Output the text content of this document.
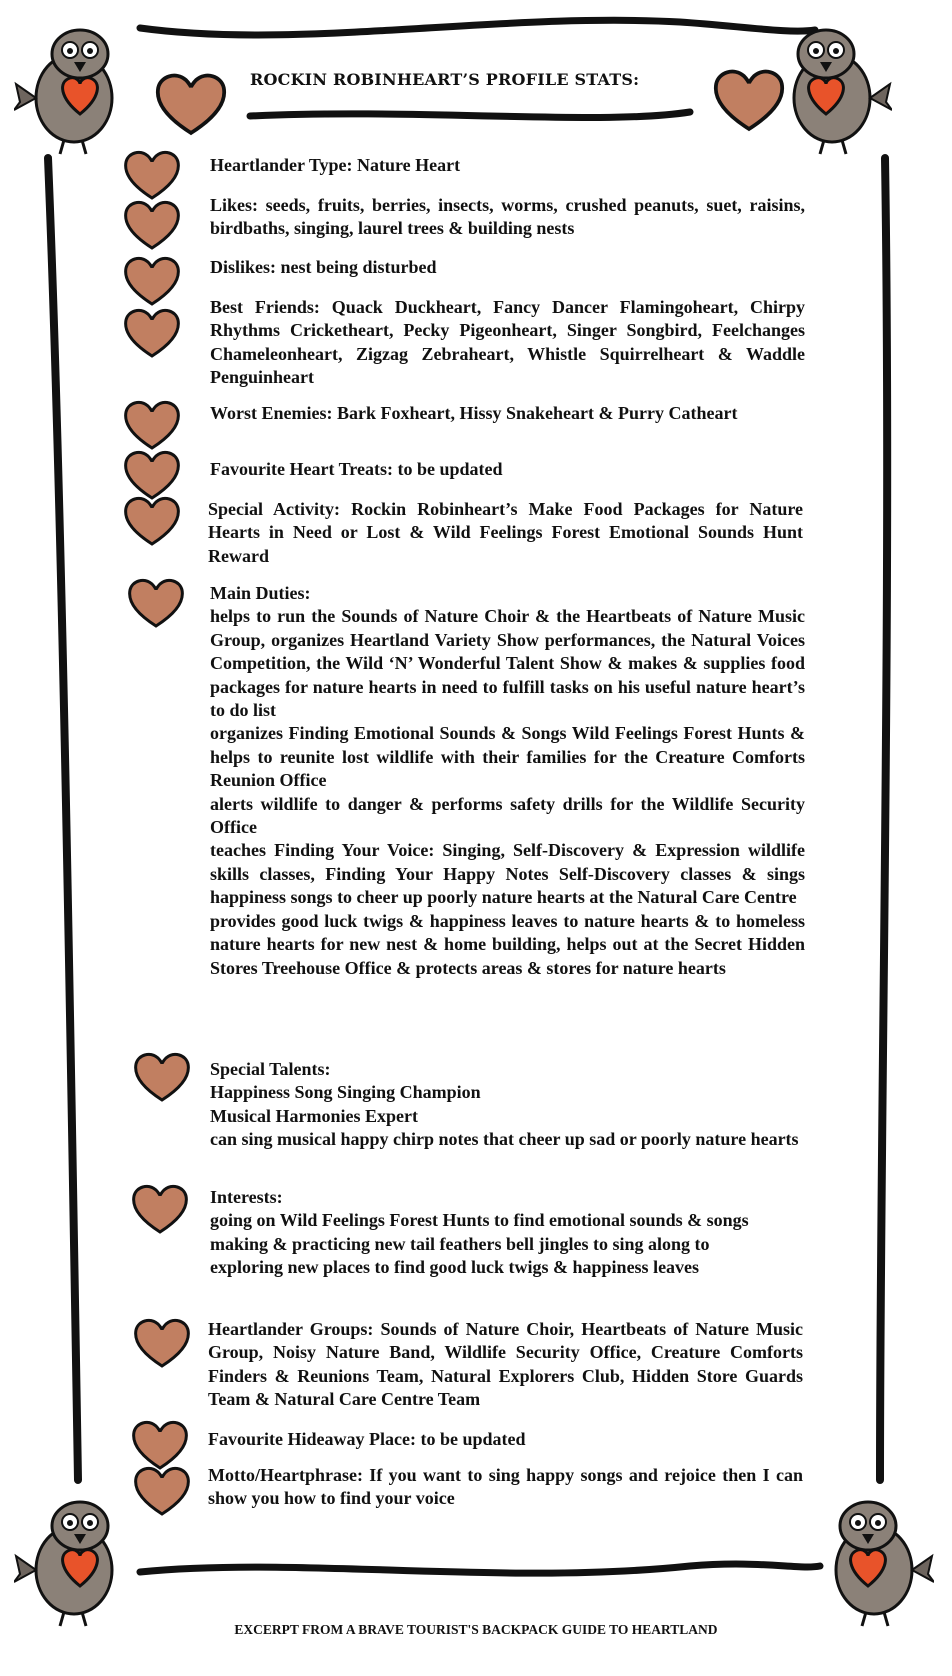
ROCKIN ROBINHEART’S PROFILE STATS:
Heartlander Type: Nature Heart
Likes: seeds, fruits, berries, insects, worms, crushed peanuts, suet, raisins, birdbaths, singing, laurel trees & building nests
Dislikes: nest being disturbed
Best Friends: Quack Duckheart, Fancy Dancer Flamingoheart, Chirpy Rhythms Cricketheart, Pecky Pigeonheart, Singer Songbird, Feelchanges Chameleonheart, Zigzag Zebraheart, Whistle Squirrelheart & Waddle Penguinheart
Worst Enemies: Bark Foxheart, Hissy Snakeheart & Purry Catheart
Favourite Heart Treats: to be updated
Special Activity: Rockin Robinheart’s Make Food Packages for Nature Hearts in Need or Lost & Wild Feelings Forest Emotional Sounds Hunt Reward
Main Duties:
helps to run the Sounds of Nature Choir & the Heartbeats of Nature Music Group, organizes Heartland Variety Show performances, the Natural Voices Competition, the Wild ‘N’ Wonderful Talent Show & makes & supplies food packages for nature hearts in need to fulfill tasks on his useful nature heart’s to do list
organizes Finding Emotional Sounds & Songs Wild Feelings Forest Hunts & helps to reunite lost wildlife with their families for the Creature Comforts Reunion Office
alerts wildlife to danger & performs safety drills for the Wildlife Security Office
teaches Finding Your Voice: Singing, Self-Discovery & Expression wildlife skills classes, Finding Your Happy Notes Self-Discovery classes & sings happiness songs to cheer up poorly nature hearts at the Natural Care Centre
provides good luck twigs & happiness leaves to nature hearts & to homeless nature hearts for new nest & home building, helps out at the Secret Hidden Stores Treehouse Office & protects areas & stores for nature hearts
Special Talents:
Happiness Song Singing Champion
Musical Harmonies Expert
can sing musical happy chirp notes that cheer up sad or poorly nature hearts
Interests:
going on Wild Feelings Forest Hunts to find emotional sounds & songs
making & practicing new tail feathers bell jingles to sing along to
exploring new places to find good luck twigs & happiness leaves
Heartlander Groups: Sounds of Nature Choir, Heartbeats of Nature Music Group, Noisy Nature Band, Wildlife Security Office, Creature Comforts Finders & Reunions Team, Natural Explorers Club, Hidden Store Guards Team & Natural Care Centre Team
Favourite Hideaway Place: to be updated
Motto/Heartphrase: If you want to sing happy songs and rejoice then I can show you how to find your voice
EXCERPT FROM A BRAVE TOURIST'S BACKPACK GUIDE TO HEARTLAND
